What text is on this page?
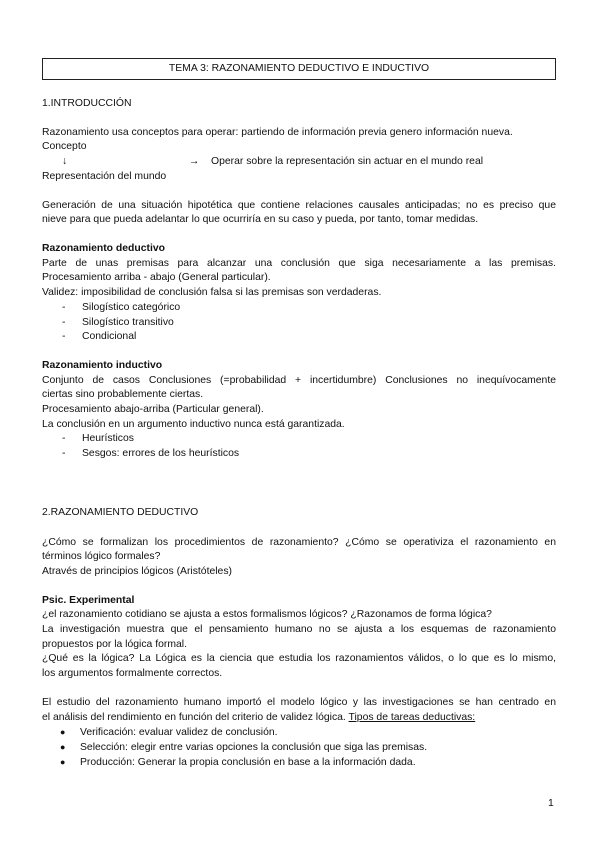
TEMA 3: RAZONAMIENTO DEDUCTIVO E INDUCTIVO
1.INTRODUCCIÓN
Razonamiento usa conceptos para operar: partiendo de información previa genero información nueva.
Concepto
↓	→ Operar sobre la representación sin actuar en el mundo real
Representación del mundo
Generación de una situación hipotética que contiene relaciones causales anticipadas; no es preciso que
nieve para que pueda adelantar lo que ocurriría en su caso y pueda, por tanto, tomar medidas.
Razonamiento deductivo
Parte de unas premisas para alcanzar una conclusión que siga necesariamente a las premisas.
Procesamiento arriba - abajo (General particular).
Validez: imposibilidad de conclusión falsa si las premisas son verdaderas.
- Silogístico categórico
- Silogístico transitivo
- Condicional
Razonamiento inductivo
Conjunto de casos Conclusiones (=probabilidad + incertidumbre) Conclusiones no inequívocamente
ciertas sino probablemente ciertas.
Procesamiento abajo-arriba (Particular general).
La conclusión en un argumento inductivo nunca está garantizada.
- Heurísticos
- Sesgos: errores de los heurísticos
2.RAZONAMIENTO DEDUCTIVO
¿Cómo se formalizan los procedimientos de razonamiento? ¿Cómo se operativiza el razonamiento en
términos lógico formales?
Através de principios lógicos (Aristóteles)
Psic. Experimental
¿el razonamiento cotidiano se ajusta a estos formalismos lógicos? ¿Razonamos de forma lógica?
La investigación muestra que el pensamiento humano no se ajusta a los esquemas de razonamiento
propuestos por la lógica formal.
¿Qué es la lógica? La Lógica es la ciencia que estudia los razonamientos válidos, o lo que es lo mismo,
los argumentos formalmente correctos.
El estudio del razonamiento humano importó el modelo lógico y las investigaciones se han centrado en
el análisis del rendimiento en función del criterio de validez lógica. Tipos de tareas deductivas:
● Verificación: evaluar validez de conclusión.
● Selección: elegir entre varias opciones la conclusión que siga las premisas.
● Producción: Generar la propia conclusión en base a la información dada.
1
